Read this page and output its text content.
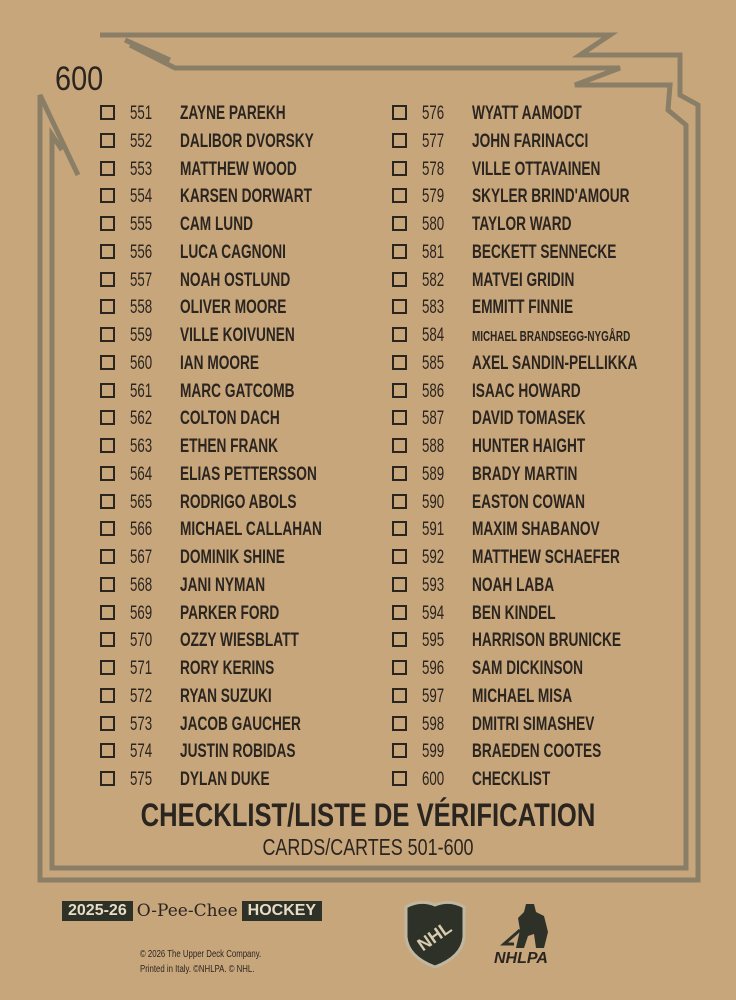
600
551 ZAYNE PAREKH
552 DALIBOR DVORSKY
553 MATTHEW WOOD
554 KARSEN DORWART
555 CAM LUND
556 LUCA CAGNONI
557 NOAH OSTLUND
558 OLIVER MOORE
559 VILLE KOIVUNEN
560 IAN MOORE
561 MARC GATCOMB
562 COLTON DACH
563 ETHEN FRANK
564 ELIAS PETTERSSON
565 RODRIGO ABOLS
566 MICHAEL CALLAHAN
567 DOMINIK SHINE
568 JANI NYMAN
569 PARKER FORD
570 OZZY WIESBLATT
571 RORY KERINS
572 RYAN SUZUKI
573 JACOB GAUCHER
574 JUSTIN ROBIDAS
575 DYLAN DUKE
576 WYATT AAMODT
577 JOHN FARINACCI
578 VILLE OTTAVAINEN
579 SKYLER BRIND'AMOUR
580 TAYLOR WARD
581 BECKETT SENNECKE
582 MATVEI GRIDIN
583 EMMITT FINNIE
584 MICHAEL BRANDSEGG-NYGÅRD
585 AXEL SANDIN-PELLIKKA
586 ISAAC HOWARD
587 DAVID TOMASEK
588 HUNTER HAIGHT
589 BRADY MARTIN
590 EASTON COWAN
591 MAXIM SHABANOV
592 MATTHEW SCHAEFER
593 NOAH LABA
594 BEN KINDEL
595 HARRISON BRUNICKE
596 SAM DICKINSON
597 MICHAEL MISA
598 DMITRI SIMASHEV
599 BRAEDEN COOTES
600 CHECKLIST
CHECKLIST/LISTE DE VÉRIFICATION
CARDS/CARTES 501-600
2025-26 O-Pee-Chee HOCKEY
© 2026 The Upper Deck Company.
Printed in Italy. ©NHLPA. © NHL.
NHL
NHLPA
